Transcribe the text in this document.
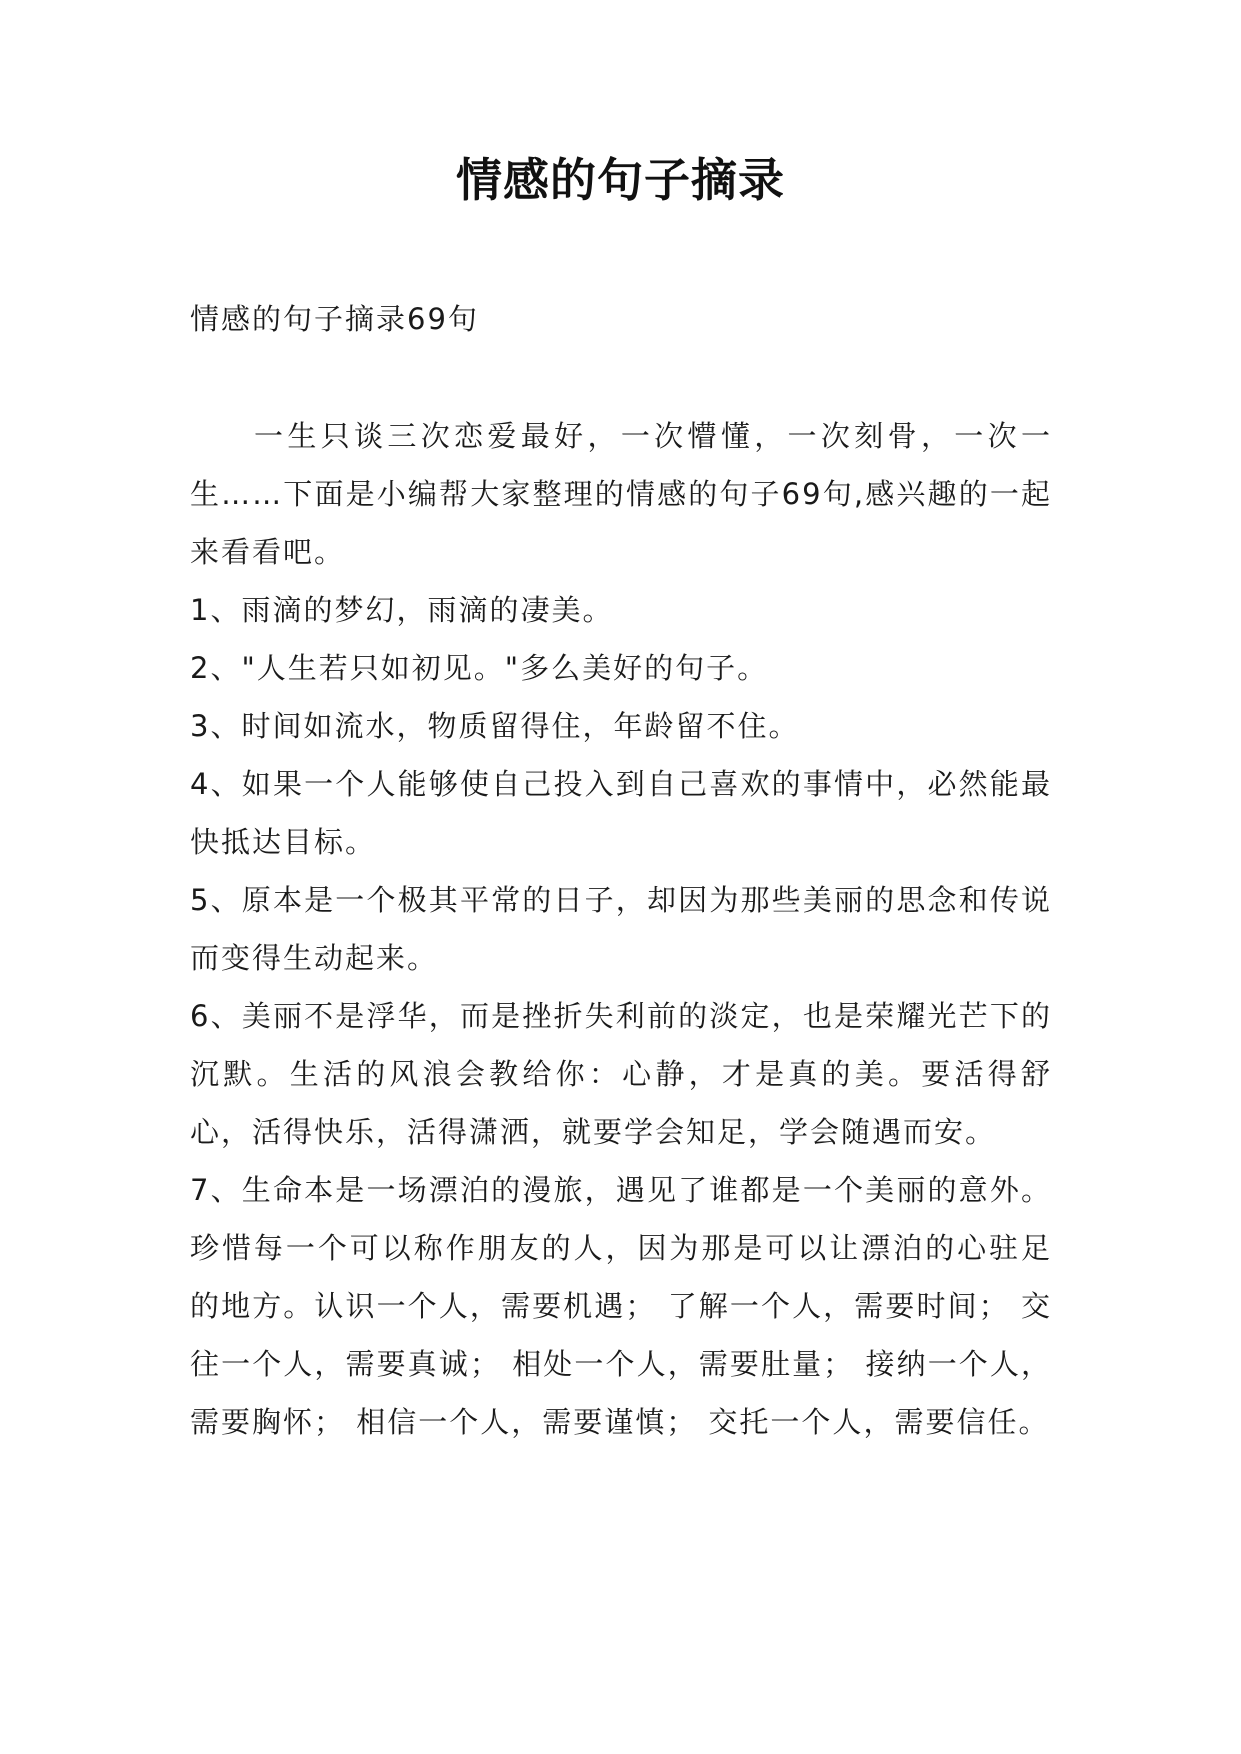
情感的句子摘录

情感的句子摘录69句

一生只谈三次恋爱最好，一次懵懂，一次刻骨，一次一生……下面是小编帮大家整理的情感的句子69句,感兴趣的一起来看看吧。

1、雨滴的梦幻，雨滴的凄美。

2、"人生若只如初见。"多么美好的句子。

3、时间如流水，物质留得住，年龄留不住。

4、如果一个人能够使自己投入到自己喜欢的事情中，必然能最快抵达目标。

5、原本是一个极其平常的日子，却因为那些美丽的思念和传说而变得生动起来。

6、美丽不是浮华，而是挫折失利前的淡定，也是荣耀光芒下的沉默。生活的风浪会教给你：心静，才是真的美。要活得舒心，活得快乐，活得潇洒，就要学会知足，学会随遇而安。

7、生命本是一场漂泊的漫旅，遇见了谁都是一个美丽的意外。珍惜每一个可以称作朋友的人，因为那是可以让漂泊的心驻足的地方。认识一个人，需要机遇； 了解一个人，需要时间； 交往一个人，需要真诚； 相处一个人，需要肚量； 接纳一个人，需要胸怀； 相信一个人，需要谨慎； 交托一个人，需要信任。
